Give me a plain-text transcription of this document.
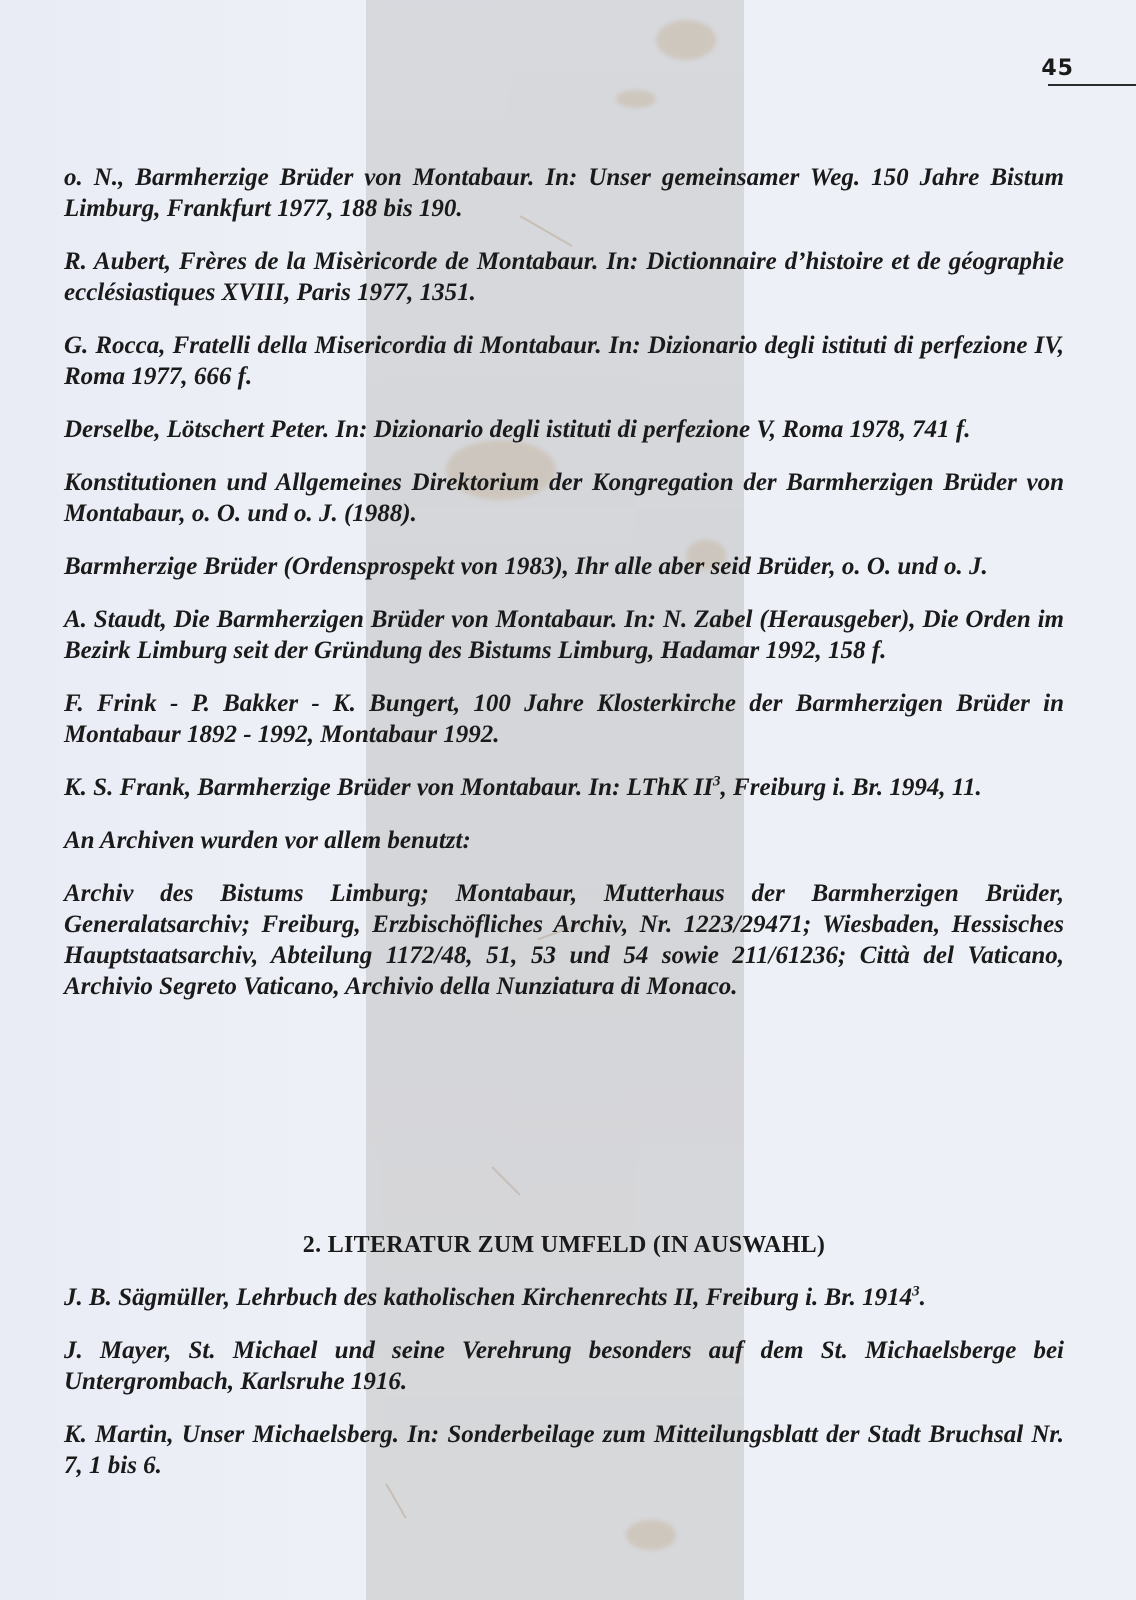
45

o. N., Barmherzige Brüder von Montabaur. In: Unser gemeinsamer Weg. 150 Jahre Bistum Limburg, Frankfurt 1977, 188 bis 190.

R. Aubert, Frères de la Misèricorde de Montabaur. In: Dictionnaire d’histoire et de géographie ecclésiastiques XVIII, Paris 1977, 1351.

G. Rocca, Fratelli della Misericordia di Montabaur. In: Dizionario degli istituti di perfezione IV, Roma 1977, 666 f.

Derselbe, Lötschert Peter. In: Dizionario degli istituti di perfezione V, Roma 1978, 741 f.

Konstitutionen und Allgemeines Direktorium der Kongregation der Barmherzigen Brüder von Montabaur, o. O. und o. J. (1988).

Barmherzige Brüder (Ordensprospekt von 1983), Ihr alle aber seid Brüder, o. O. und o. J.

A. Staudt, Die Barmherzigen Brüder von Montabaur. In: N. Zabel (Herausgeber), Die Orden im Bezirk Limburg seit der Gründung des Bistums Limburg, Hadamar 1992, 158 f.

F. Frink - P. Bakker - K. Bungert, 100 Jahre Klosterkirche der Barmherzigen Brüder in Montabaur 1892 - 1992, Montabaur 1992.

K. S. Frank, Barmherzige Brüder von Montabaur. In: LThK $II^3$, Freiburg i. Br. 1994, 11.

An Archiven wurden vor allem benutzt:

Archiv des Bistums Limburg; Montabaur, Mutterhaus der Barmherzigen Brüder, Generalatsarchiv; Freiburg, Erzbischöfliches Archiv, Nr. 1223/29471; Wiesbaden, Hessisches Hauptstaatsarchiv, Abteilung 1172/48, 51, 53 und 54 sowie 211/61236; Città del Vaticano, Archivio Segreto Vaticano, Archivio della Nunziatura di Monaco.

2. LITERATUR ZUM UMFELD (IN AUSWAHL)

J. B. Sägmüller, Lehrbuch des katholischen Kirchenrechts II, Freiburg i. Br. 1914$^3$.

J. Mayer, St. Michael und seine Verehrung besonders auf dem St. Michaelsberge bei Untergrombach, Karlsruhe 1916.

K. Martin, Unser Michaelsberg. In: Sonderbeilage zum Mitteilungsblatt der Stadt Bruchsal Nr. 7, 1 bis 6.
